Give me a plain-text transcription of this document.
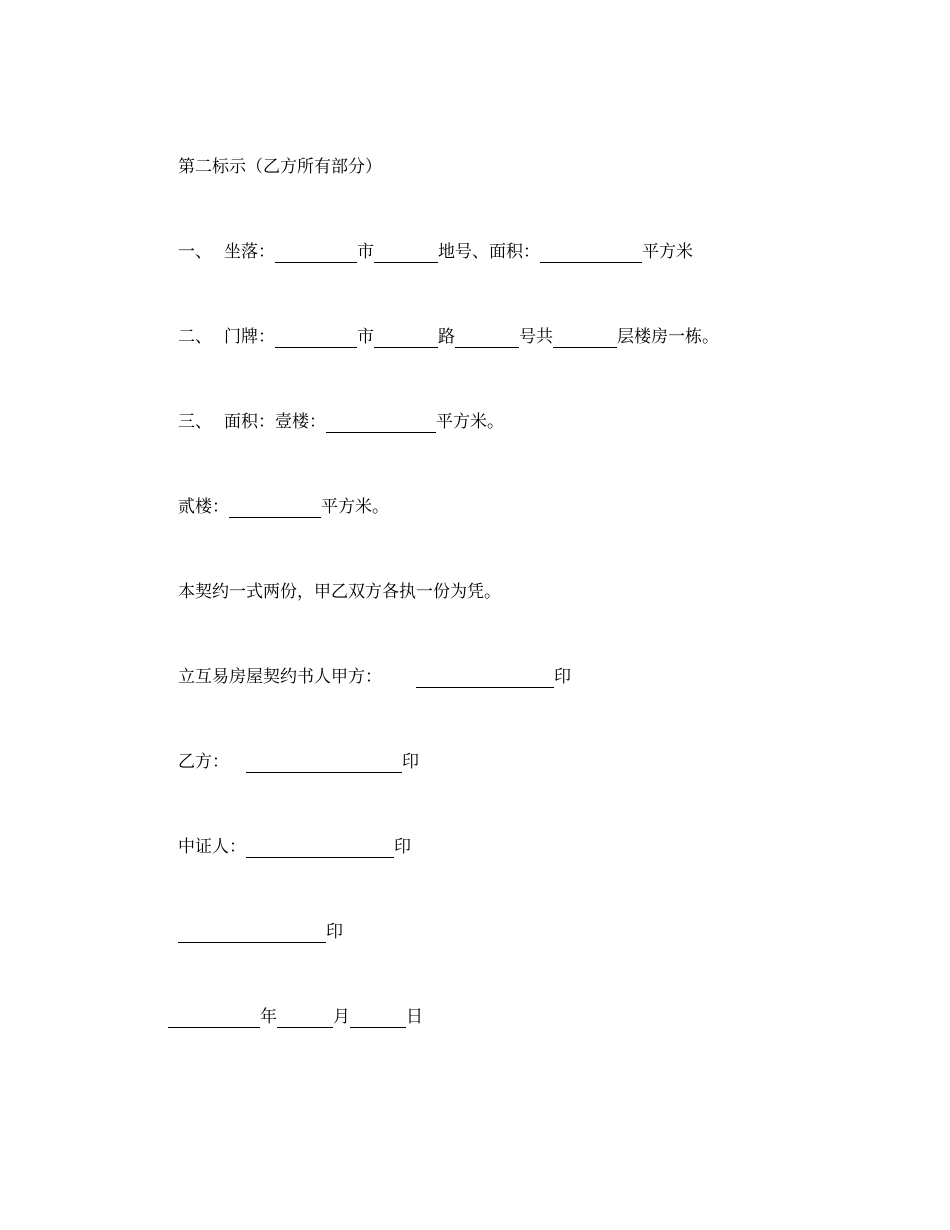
第二标示（乙方所有部分）
一、 坐落：	市	地号、面积：	平方米
二、 门牌：	市	路	号共	层楼房一栋。
三、 面积：壹楼：	平方米。
贰楼：	平方米。
本契约一式两份，甲乙双方各执一份为凭。
立互易房屋契约书人甲方：	印
乙方：	印
中证人：	印
印
年	月	日
